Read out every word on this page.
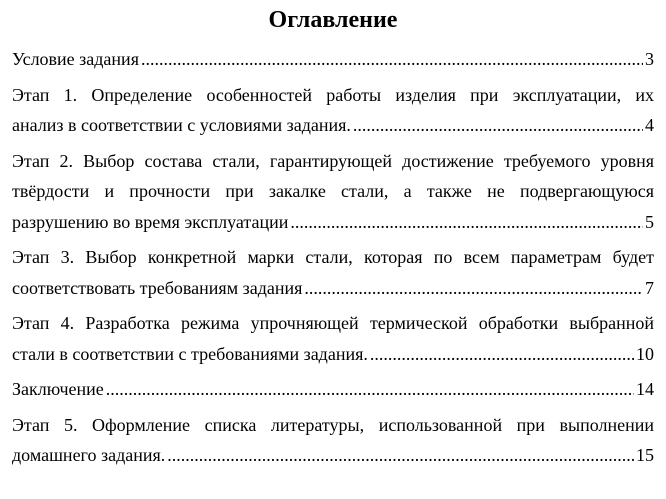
Оглавление
Условие задания .....	3
Этап 1. Определение особенностей работы изделия при эксплуатации, их
анализ в соответствии с условиями задания. .....	4
Этап 2. Выбор состава стали, гарантирующей достижение требуемого уровня
твёрдости и прочности при закалке стали, а также не подвергающуюся
разрушению во время эксплуатации .....	5
Этап 3. Выбор конкретной марки стали, которая по всем параметрам будет
соответствовать требованиям задания .....	7
Этап 4. Разработка режима упрочняющей термической обработки выбранной
стали в соответствии с требованиями задания. .....	10
Заключение .....	14
Этап 5. Оформление списка литературы, использованной при выполнении
домашнего задания. .....	15
